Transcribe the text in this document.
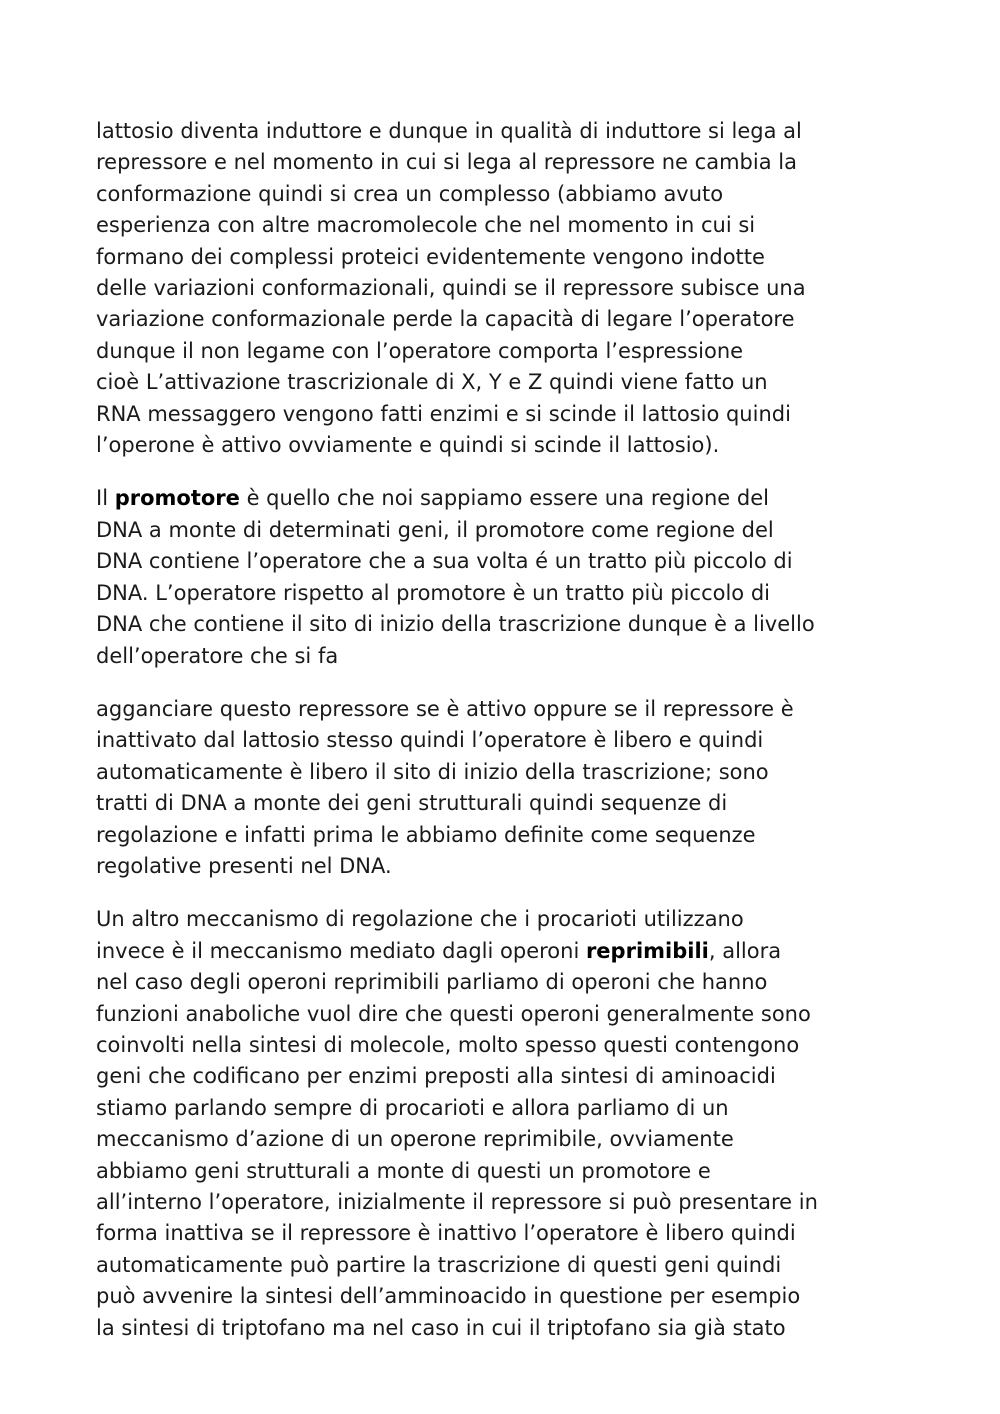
lattosio diventa induttore e dunque in qualità di induttore si lega al
repressore e nel momento in cui si lega al repressore ne cambia la
conformazione quindi si crea un complesso (abbiamo avuto
esperienza con altre macromolecole che nel momento in cui si
formano dei complessi proteici evidentemente vengono indotte
delle variazioni conformazionali, quindi se il repressore subisce una
variazione conformazionale perde la capacità di legare l’operatore
dunque il non legame con l’operatore comporta l’espressione
cioè L’attivazione trascrizionale di X, Y e Z quindi viene fatto un
RNA messaggero vengono fatti enzimi e si scinde il lattosio quindi
l’operone è attivo ovviamente e quindi si scinde il lattosio).

Il promotore è quello che noi sappiamo essere una regione del
DNA a monte di determinati geni, il promotore come regione del
DNA contiene l’operatore che a sua volta é un tratto più piccolo di
DNA. L’operatore rispetto al promotore è un tratto più piccolo di
DNA che contiene il sito di inizio della trascrizione dunque è a livello
dell’operatore che si fa

agganciare questo repressore se è attivo oppure se il repressore è
inattivato dal lattosio stesso quindi l’operatore è libero e quindi
automaticamente è libero il sito di inizio della trascrizione; sono
tratti di DNA a monte dei geni strutturali quindi sequenze di
regolazione e infatti prima le abbiamo definite come sequenze
regolative presenti nel DNA.

Un altro meccanismo di regolazione che i procarioti utilizzano
invece è il meccanismo mediato dagli operoni reprimibili, allora
nel caso degli operoni reprimibili parliamo di operoni che hanno
funzioni anaboliche vuol dire che questi operoni generalmente sono
coinvolti nella sintesi di molecole, molto spesso questi contengono
geni che codificano per enzimi preposti alla sintesi di aminoacidi
stiamo parlando sempre di procarioti e allora parliamo di un
meccanismo d’azione di un operone reprimibile, ovviamente
abbiamo geni strutturali a monte di questi un promotore e
all’interno l’operatore, inizialmente il repressore si può presentare in
forma inattiva se il repressore è inattivo l’operatore è libero quindi
automaticamente può partire la trascrizione di questi geni quindi
può avvenire la sintesi dell’amminoacido in questione per esempio
la sintesi di triptofano ma nel caso in cui il triptofano sia già stato
